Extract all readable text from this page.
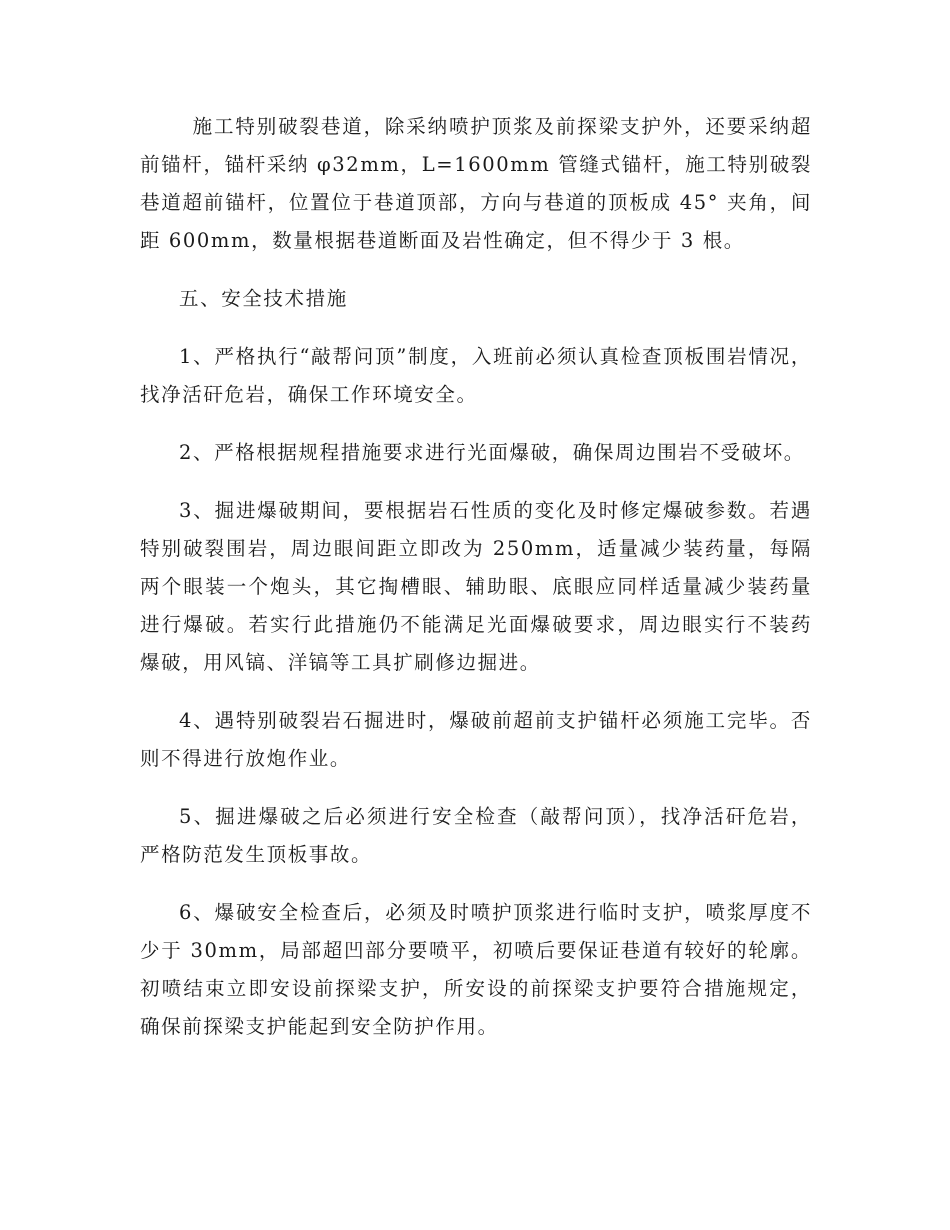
施工特别破裂巷道，除采纳喷护顶浆及前探梁支护外，还要采纳超前锚杆，锚杆采纳 φ32mm，L=1600mm 管缝式锚杆，施工特别破裂巷道超前锚杆，位置位于巷道顶部，方向与巷道的顶板成 45° 夹角，间距 600mm，数量根据巷道断面及岩性确定，但不得少于 3 根。

五、安全技术措施

1、严格执行“敲帮问顶”制度，入班前必须认真检查顶板围岩情况，找净活矸危岩，确保工作环境安全。

2、严格根据规程措施要求进行光面爆破，确保周边围岩不受破坏。

3、掘进爆破期间，要根据岩石性质的变化及时修定爆破参数。若遇特别破裂围岩，周边眼间距立即改为 250mm，适量减少装药量，每隔两个眼装一个炮头，其它掏槽眼、辅助眼、底眼应同样适量减少装药量进行爆破。若实行此措施仍不能满足光面爆破要求，周边眼实行不装药爆破，用风镐、洋镐等工具扩刷修边掘进。

4、遇特别破裂岩石掘进时，爆破前超前支护锚杆必须施工完毕。否则不得进行放炮作业。

5、掘进爆破之后必须进行安全检查（敲帮问顶），找净活矸危岩，严格防范发生顶板事故。

6、爆破安全检查后，必须及时喷护顶浆进行临时支护，喷浆厚度不少于 30mm，局部超凹部分要喷平，初喷后要保证巷道有较好的轮廓。初喷结束立即安设前探梁支护，所安设的前探梁支护要符合措施规定，确保前探梁支护能起到安全防护作用。
